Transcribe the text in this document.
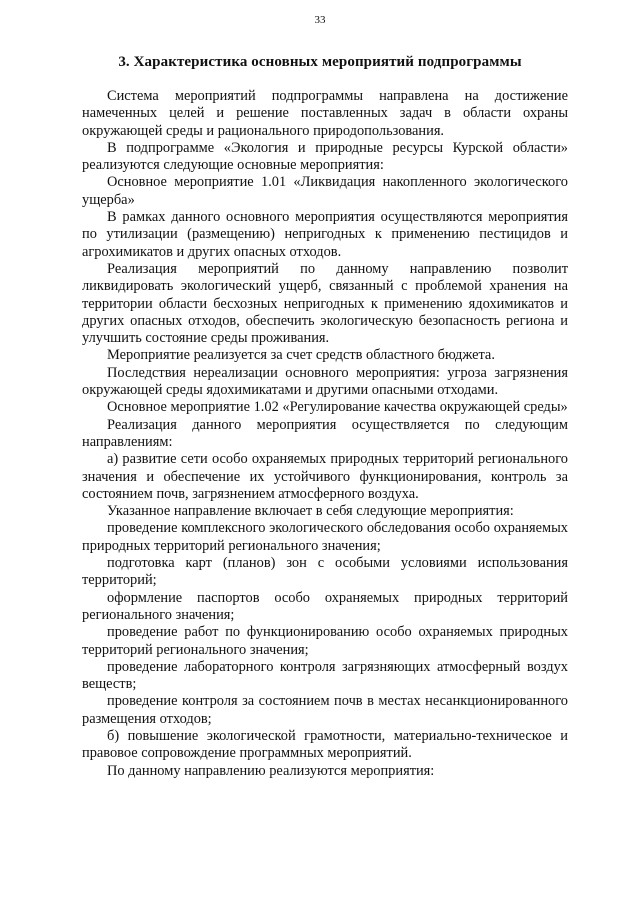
33
3. Характеристика основных мероприятий подпрограммы

Система мероприятий подпрограммы направлена на достижение намеченных целей и решение поставленных задач в области охраны окружающей среды и рационального природопользования.

В подпрограмме «Экология и природные ресурсы Курской области» реализуются следующие основные мероприятия:

Основное мероприятие 1.01 «Ликвидация накопленного экологического ущерба»

В рамках данного основного мероприятия осуществляются мероприятия по утилизации (размещению) непригодных к применению пестицидов и агрохимикатов и других опасных отходов.

Реализация мероприятий по данному направлению позволит ликвидировать экологический ущерб, связанный с проблемой хранения на территории области бесхозных непригодных к применению ядохимикатов и других опасных отходов, обеспечить экологическую безопасность региона и улучшить состояние среды проживания.

Мероприятие реализуется за счет средств областного бюджета.

Последствия нереализации основного мероприятия: угроза загрязнения окружающей среды ядохимикатами и другими опасными отходами.

Основное мероприятие 1.02 «Регулирование качества окружающей среды»

Реализация данного мероприятия осуществляется по следующим направлениям:

а) развитие сети особо охраняемых природных территорий регионального значения и обеспечение их устойчивого функционирования, контроль за состоянием почв, загрязнением атмосферного воздуха.

Указанное направление включает в себя следующие мероприятия:

проведение комплексного экологического обследования особо охраняемых природных территорий регионального значения;

подготовка карт (планов) зон с особыми условиями использования территорий;

оформление паспортов особо охраняемых природных территорий регионального значения;

проведение работ по функционированию особо охраняемых природных территорий регионального значения;

проведение лабораторного контроля загрязняющих атмосферный воздух веществ;

проведение контроля за состоянием почв в местах несанкционированного размещения отходов;

б) повышение экологической грамотности, материально-техническое и правовое сопровождение программных мероприятий.

По данному направлению реализуются мероприятия:
